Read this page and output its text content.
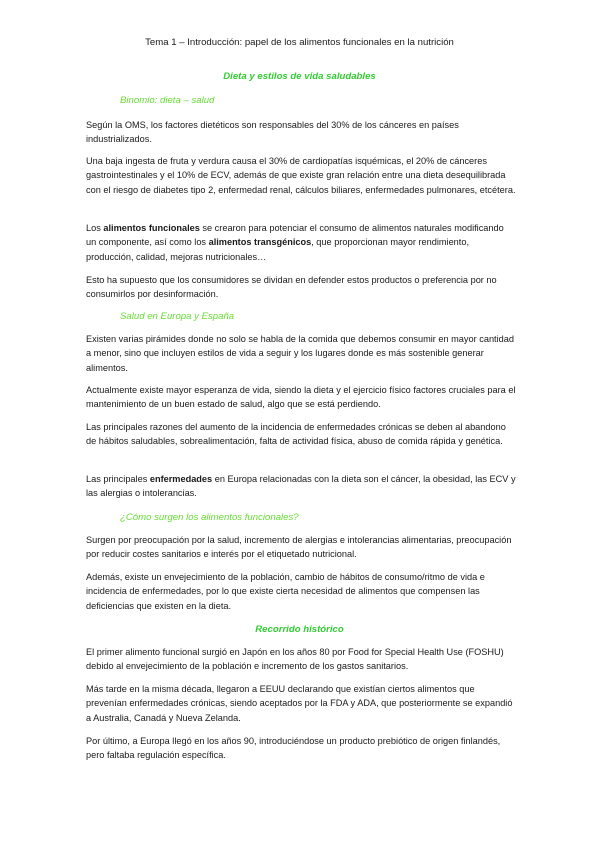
Tema 1 – Introducción: papel de los alimentos funcionales en la nutrición
Dieta y estilos de vida saludables
Binomio: dieta – salud
Según la OMS, los factores dietéticos son responsables del 30% de los cánceres en países industrializados.
Una baja ingesta de fruta y verdura causa el 30% de cardiopatías isquémicas, el 20% de cánceres gastrointestinales y el 10% de ECV, además de que existe gran relación entre una dieta desequilibrada con el riesgo de diabetes tipo 2, enfermedad renal, cálculos biliares, enfermedades pulmonares, etcétera.
Los alimentos funcionales se crearon para potenciar el consumo de alimentos naturales modificando un componente, así como los alimentos transgénicos, que proporcionan mayor rendimiento, producción, calidad, mejoras nutricionales…
Esto ha supuesto que los consumidores se dividan en defender estos productos o preferencia por no consumirlos por desinformación.
Salud en Europa y España
Existen varias pirámides donde no solo se habla de la comida que debemos consumir en mayor cantidad a menor, sino que incluyen estilos de vida a seguir y los lugares donde es más sostenible generar alimentos.
Actualmente existe mayor esperanza de vida, siendo la dieta y el ejercicio físico factores cruciales para el mantenimiento de un buen estado de salud, algo que se está perdiendo.
Las principales razones del aumento de la incidencia de enfermedades crónicas se deben al abandono de hábitos saludables, sobrealimentación, falta de actividad física, abuso de comida rápida y genética.
Las principales enfermedades en Europa relacionadas con la dieta son el cáncer, la obesidad, las ECV y las alergias o intolerancias.
¿Cómo surgen los alimentos funcionales?
Surgen por preocupación por la salud, incremento de alergias e intolerancias alimentarias, preocupación por reducir costes sanitarios e interés por el etiquetado nutricional.
Además, existe un envejecimiento de la población, cambio de hábitos de consumo/ritmo de vida e incidencia de enfermedades, por lo que existe cierta necesidad de alimentos que compensen las deficiencias que existen en la dieta.
Recorrido histórico
El primer alimento funcional surgió en Japón en los años 80 por Food for Special Health Use (FOSHU) debido al envejecimiento de la población e incremento de los gastos sanitarios.
Más tarde en la misma década, llegaron a EEUU declarando que existían ciertos alimentos que prevenían enfermedades crónicas, siendo aceptados por la FDA y ADA, que posteriormente se expandió a Australia, Canadá y Nueva Zelanda.
Por último, a Europa llegó en los años 90, introduciéndose un producto prebiótico de origen finlandés, pero faltaba regulación específica.
